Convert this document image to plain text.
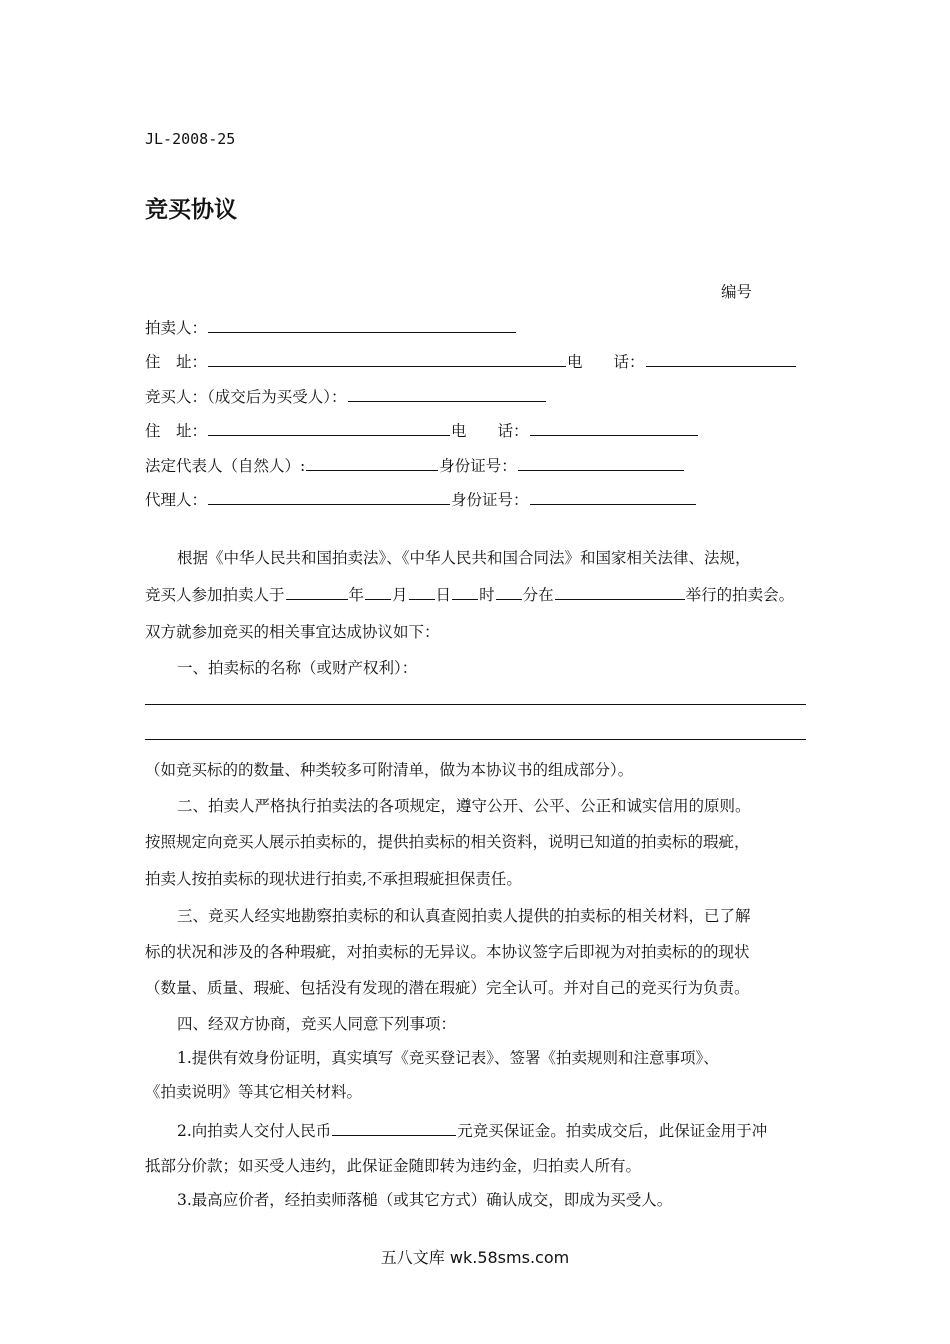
JL-2008-25
竞买协议
编号
拍卖人：
住　址：	电　　话：
竞买人：（成交后为买受人）：
住　址：	电　　话：
法定代表人（自然人）:	身份证号：
代理人：	身份证号：
根据《中华人民共和国拍卖法》、《中华人民共和国合同法》和国家相关法律、法规，
竞买人参加拍卖人于	年 月 日 时 分在	举行的拍卖会。
双方就参加竞买的相关事宜达成协议如下：
一、拍卖标的名称（或财产权利）：
（如竞买标的的数量、种类较多可附清单，做为本协议书的组成部分）。
二、拍卖人严格执行拍卖法的各项规定，遵守公开、公平、公正和诚实信用的原则。
按照规定向竞买人展示拍卖标的，提供拍卖标的相关资料，说明已知道的拍卖标的瑕疵，
拍卖人按拍卖标的现状进行拍卖,不承担瑕疵担保责任。
三、竞买人经实地勘察拍卖标的和认真查阅拍卖人提供的拍卖标的相关材料，已了解
标的状况和涉及的各种瑕疵，对拍卖标的无异议。本协议签字后即视为对拍卖标的的现状
（数量、质量、瑕疵、包括没有发现的潜在瑕疵）完全认可。并对自己的竞买行为负责。
四、经双方协商，竞买人同意下列事项：
1.提供有效身份证明，真实填写《竞买登记表》、签署《拍卖规则和注意事项》、
《拍卖说明》等其它相关材料。
2.向拍卖人交付人民币	元竞买保证金。拍卖成交后，此保证金用于冲
抵部分价款；如买受人违约，此保证金随即转为违约金，归拍卖人所有。
3.最高应价者，经拍卖师落槌（或其它方式）确认成交，即成为买受人。
五八文库 wk.58sms.com
